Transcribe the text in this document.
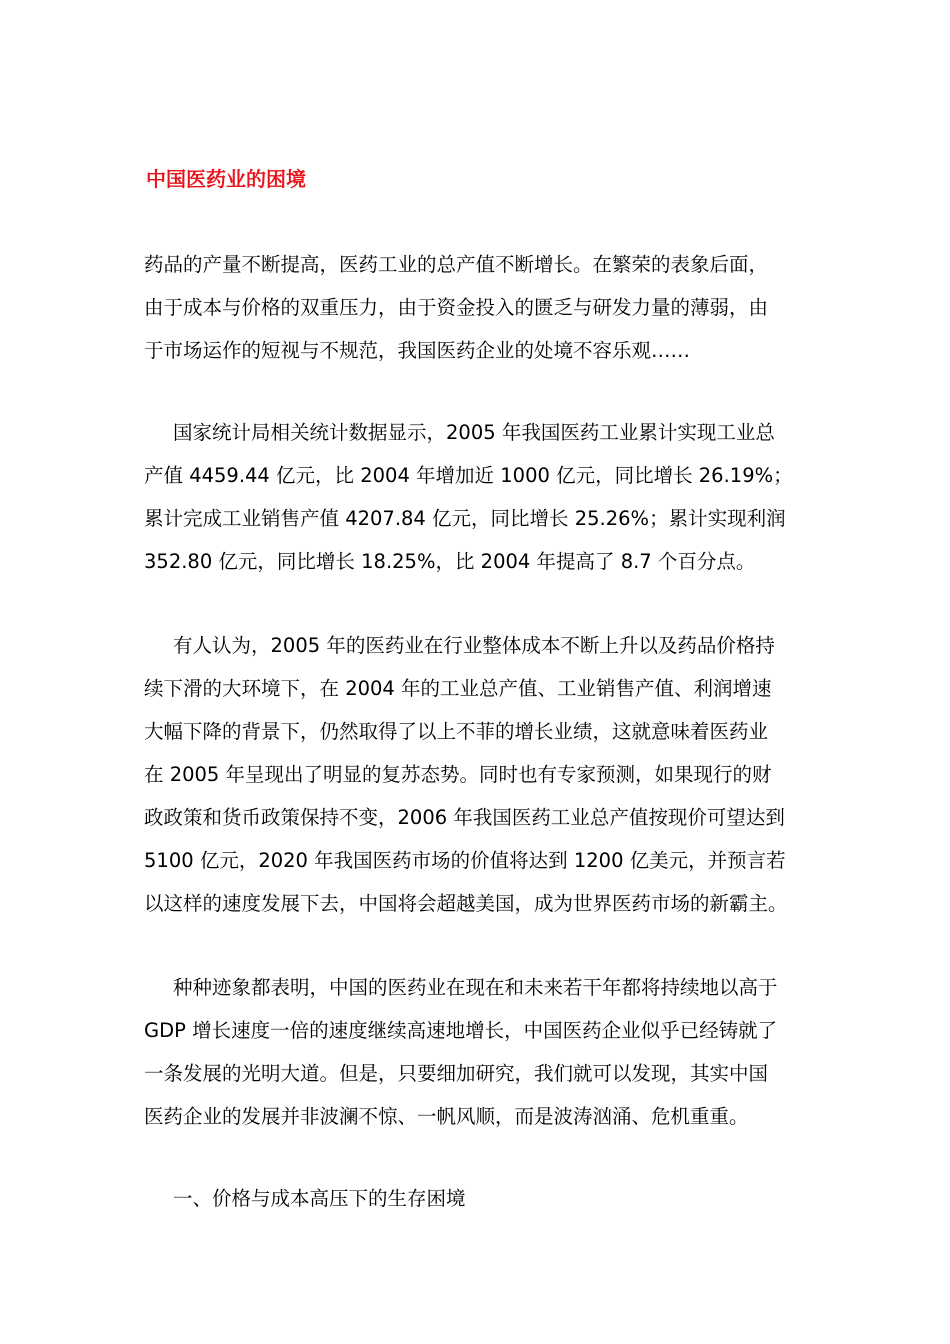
中国医药业的困境
药品的产量不断提高，医药工业的总产值不断增长。在繁荣的表象后面，
由于成本与价格的双重压力，由于资金投入的匮乏与研发力量的薄弱，由
于市场运作的短视与不规范，我国医药企业的处境不容乐观……
国家统计局相关统计数据显示，2005 年我国医药工业累计实现工业总
产值 4459.44 亿元，比 2004 年增加近 1000 亿元，同比增长 26.19%；
累计完成工业销售产值 4207.84 亿元，同比增长 25.26%；累计实现利润
352.80 亿元，同比增长 18.25%，比 2004 年提高了 8.7 个百分点。
有人认为，2005 年的医药业在行业整体成本不断上升以及药品价格持
续下滑的大环境下，在 2004 年的工业总产值、工业销售产值、利润增速
大幅下降的背景下，仍然取得了以上不菲的增长业绩，这就意味着医药业
在 2005 年呈现出了明显的复苏态势。同时也有专家预测，如果现行的财
政政策和货币政策保持不变，2006 年我国医药工业总产值按现价可望达到
5100 亿元，2020 年我国医药市场的价值将达到 1200 亿美元，并预言若
以这样的速度发展下去，中国将会超越美国，成为世界医药市场的新霸主。
种种迹象都表明，中国的医药业在现在和未来若干年都将持续地以高于
GDP 增长速度一倍的速度继续高速地增长，中国医药企业似乎已经铸就了
一条发展的光明大道。但是，只要细加研究，我们就可以发现，其实中国
医药企业的发展并非波澜不惊、一帆风顺，而是波涛汹涌、危机重重。
一、价格与成本高压下的生存困境
